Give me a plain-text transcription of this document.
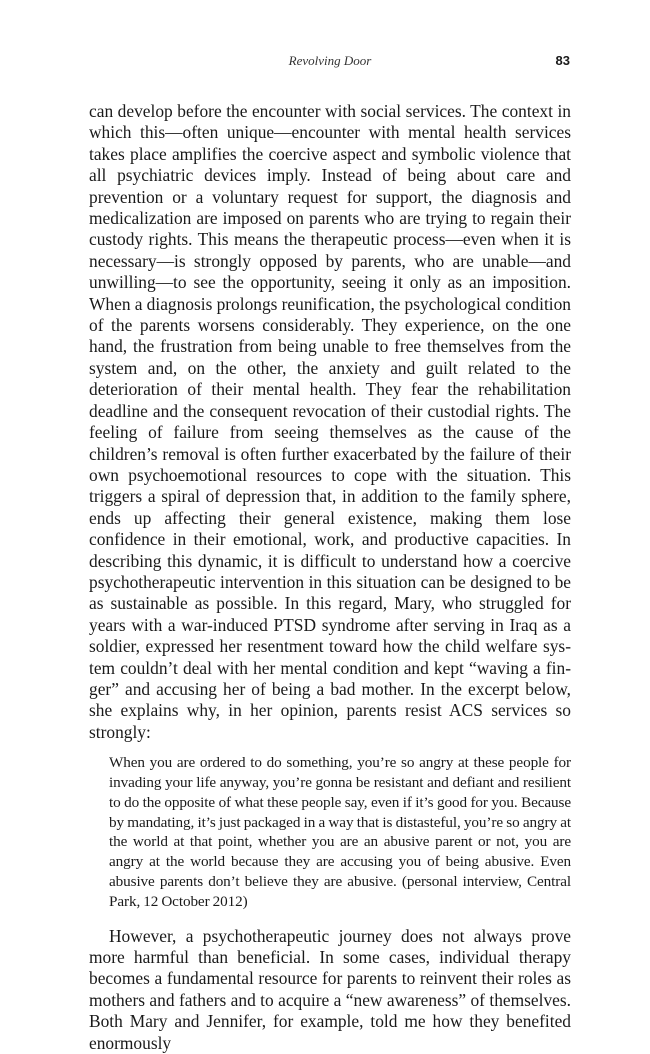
Revolving Door	83

can develop before the encounter with social services. The context in which this—often unique—encounter with mental health services takes place amplifies the coercive aspect and symbolic violence that all psychiatric devices imply. Instead of being about care and prevention or a voluntary request for support, the diagnosis and medicalization are imposed on parents who are trying to regain their custody rights. This means the therapeutic process—even when it is necessary—is strongly opposed by parents, who are unable—and unwilling—to see the opportunity, seeing it only as an imposition. When a diagnosis prolongs reunification, the psychological condition of the parents worsens considerably. They experience, on the one hand, the frustration from being unable to free themselves from the system and, on the other, the anxiety and guilt related to the deterioration of their mental health. They fear the rehabilitation deadline and the consequent revocation of their custodial rights. The feeling of failure from seeing themselves as the cause of the children’s removal is often further exacerbated by the failure of their own psychoemotional resources to cope with the situation. This triggers a spiral of depression that, in addition to the family sphere, ends up affecting their general existence, making them lose confidence in their emotional, work, and productive capacities. In describing this dynamic, it is difficult to understand how a coercive psychotherapeutic intervention in this situation can be designed to be as sustainable as possible. In this regard, Mary, who struggled for years with a war-induced PTSD syndrome after serving in Iraq as a soldier, expressed her resentment toward how the child welfare system couldn’t deal with her mental condition and kept “waving a finger” and accusing her of being a bad mother. In the excerpt below, she explains why, in her opinion, parents resist ACS services so strongly:

When you are ordered to do something, you’re so angry at these people for invading your life anyway, you’re gonna be resistant and defiant and resilient to do the opposite of what these people say, even if it’s good for you. Because by mandating, it’s just packaged in a way that is distasteful, you’re so angry at the world at that point, whether you are an abusive parent or not, you are angry at the world because they are accusing you of being abusive. Even abusive parents don’t believe they are abusive. (personal interview, Central Park, 12 October 2012)

However, a psychotherapeutic journey does not always prove more harmful than beneficial. In some cases, individual therapy becomes a fundamental resource for parents to reinvent their roles as mothers and fathers and to acquire a “new awareness” of themselves. Both Mary and Jennifer, for example, told me how they benefited enormously
